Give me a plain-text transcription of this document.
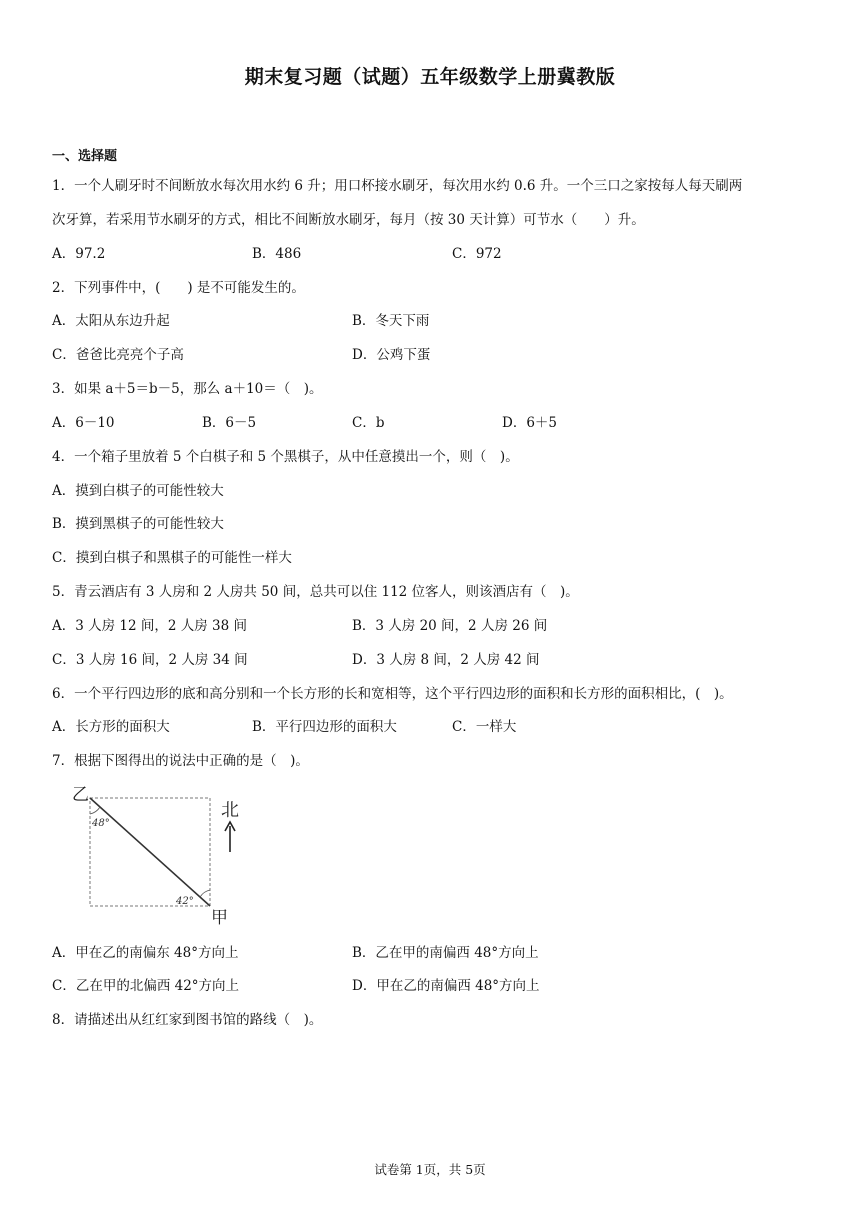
期末复习题（试题）五年级数学上册冀教版
一、选择题
1．一个人刷牙时不间断放水每次用水约 6 升；用口杯接水刷牙，每次用水约 0.6 升。一个三口之家按每人每天刷两
次牙算，若采用节水刷牙的方式，相比不间断放水刷牙，每月（按 30 天计算）可节水（　　）升。
A．97.2	B．486	C．972
2．下列事件中，(　　) 是不可能发生的。
A．太阳从东边升起	B．冬天下雨
C．爸爸比亮亮个子高	D．公鸡下蛋
3．如果 a＋5＝b－5，那么 a＋10＝（　)。
A．6－10	B．6－5	C．b	D．6＋5
4．一个箱子里放着 5 个白棋子和 5 个黑棋子，从中任意摸出一个，则（　)。
A．摸到白棋子的可能性较大
B．摸到黑棋子的可能性较大
C．摸到白棋子和黑棋子的可能性一样大
5．青云酒店有 3 人房和 2 人房共 50 间，总共可以住 112 位客人，则该酒店有（　)。
A．3 人房 12 间，2 人房 38 间	B．3 人房 20 间，2 人房 26 间
C．3 人房 16 间，2 人房 34 间	D．3 人房 8 间，2 人房 42 间
6．一个平行四边形的底和高分别和一个长方形的长和宽相等，这个平行四边形的面积和长方形的面积相比，(　)。
A．长方形的面积大	B．平行四边形的面积大	C．一样大
7．根据下图得出的说法中正确的是（　)。
乙
甲
48°
42°
北
A．甲在乙的南偏东 48°方向上	B．乙在甲的南偏西 48°方向上
C．乙在甲的北偏西 42°方向上	D．甲在乙的南偏西 48°方向上
8．请描述出从红红家到图书馆的路线（　)。
试卷第 1页，共 5页
